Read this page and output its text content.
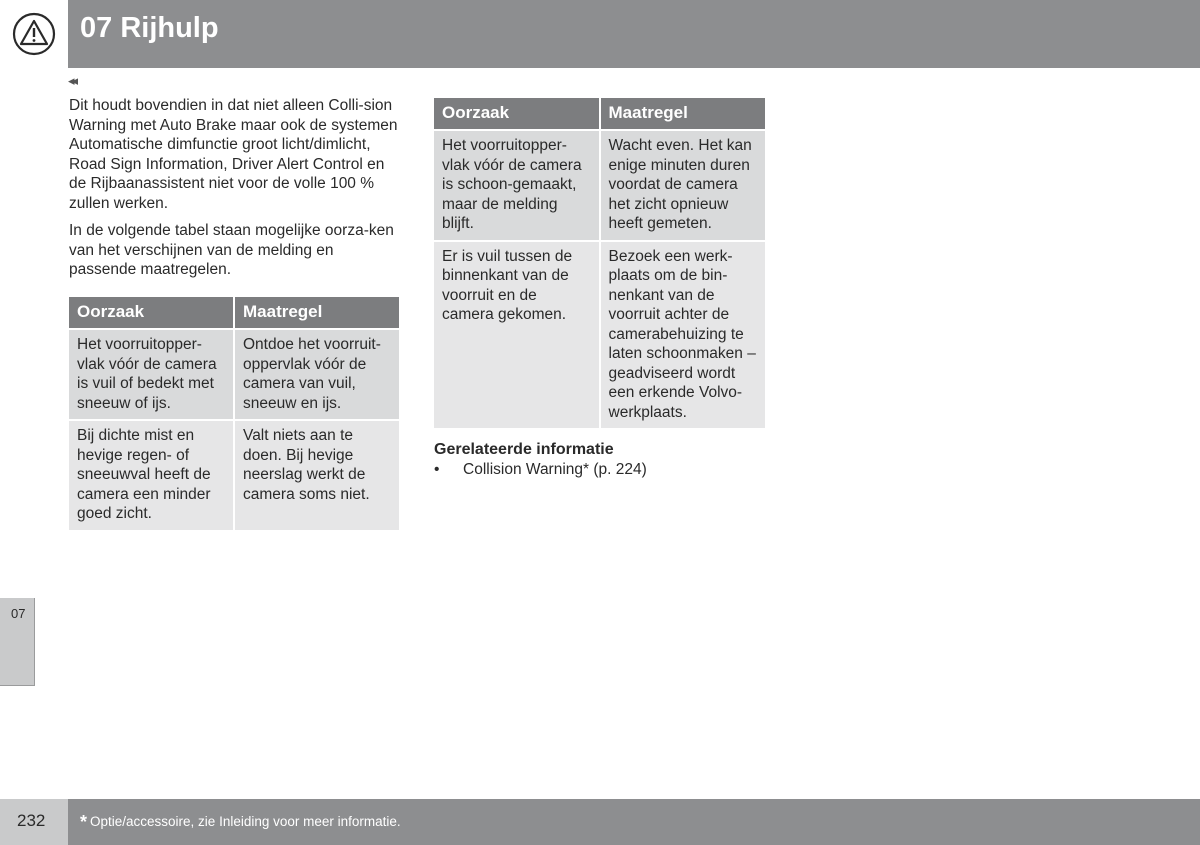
07 Rijhulp
◂◂
Dit houdt bovendien in dat niet alleen Colli-sion Warning met Auto Brake maar ook de systemen Automatische dimfunctie groot licht/dimlicht, Road Sign Information, Driver Alert Control en de Rijbaanassistent niet voor de volle 100 % zullen werken.
In de volgende tabel staan mogelijke oorza-ken van het verschijnen van de melding en passende maatregelen.
Oorzaak	Maatregel
Het voorruitopper-vlak vóór de camera is vuil of bedekt met sneeuw of ijs.	Ontdoe het voorruit-oppervlak vóór de camera van vuil, sneeuw en ijs.
Bij dichte mist en hevige regen- of sneeuwval heeft de camera een minder goed zicht.	Valt niets aan te doen. Bij hevige neerslag werkt de camera soms niet.
Oorzaak	Maatregel
Het voorruitopper-vlak vóór de camera is schoon-gemaakt, maar de melding blijft.	Wacht even. Het kan enige minuten duren voordat de camera het zicht opnieuw heeft gemeten.
Er is vuil tussen de binnenkant van de voorruit en de camera gekomen.	Bezoek een werk-plaats om de bin-nenkant van de voorruit achter de camerabehuizing te laten schoonmaken – geadviseerd wordt een erkende Volvo-werkplaats.
Gerelateerde informatie
• Collision Warning* (p. 224)
07
232 * Optie/accessoire, zie Inleiding voor meer informatie.
